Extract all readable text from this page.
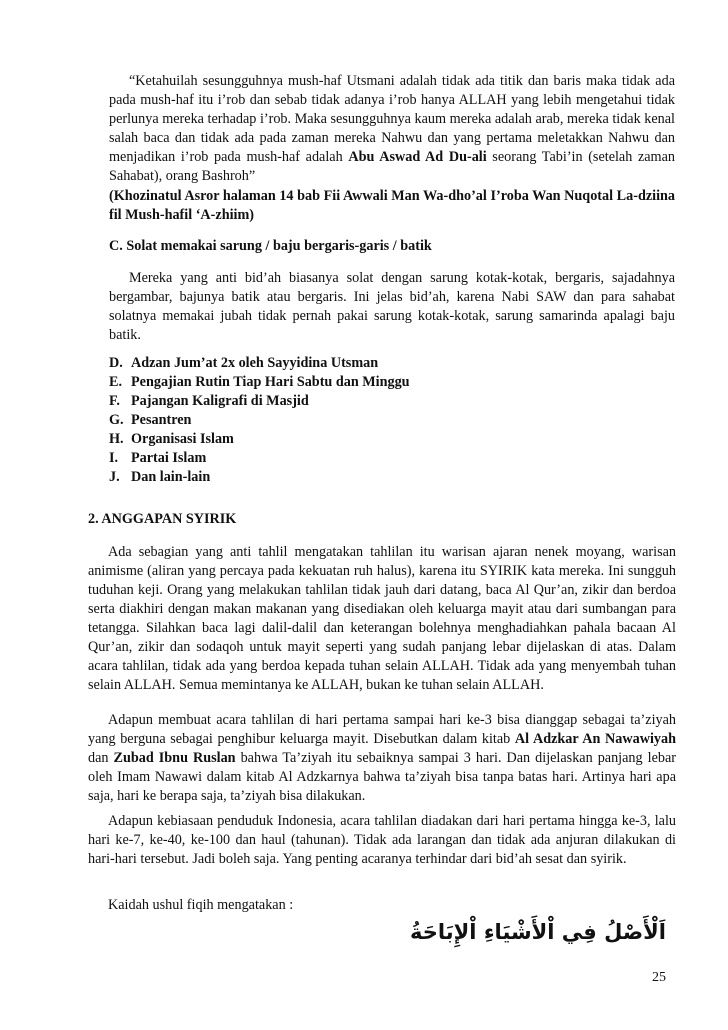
“Ketahuilah sesungguhnya mush-haf Utsmani adalah tidak ada titik dan baris maka tidak ada pada mush-haf itu i’rob dan sebab tidak adanya i’rob hanya ALLAH yang lebih mengetahui tidak perlunya mereka terhadap i’rob. Maka sesungguhnya kaum mereka adalah arab, mereka tidak kenal salah baca dan tidak ada pada zaman mereka Nahwu dan yang pertama meletakkan Nahwu dan menjadikan i’rob pada mush-haf adalah Abu Aswad Ad Du-ali seorang Tabi’in (setelah zaman Sahabat), orang Bashroh”

(Khozinatul Asror halaman 14 bab Fii Awwali Man Wa-dho’al I’roba Wan Nuqotal La-dziina fil Mush-hafil ‘A-zhiim)

C. Solat memakai sarung / baju bergaris-garis / batik

Mereka yang anti bid’ah biasanya solat dengan sarung kotak-kotak, bergaris, sajadahnya bergambar, bajunya batik atau bergaris. Ini jelas bid’ah, karena Nabi SAW dan para sahabat solatnya memakai jubah tidak pernah pakai sarung kotak-kotak, sarung samarinda apalagi baju batik.

D. Adzan Jum’at 2x oleh Sayyidina Utsman
E. Pengajian Rutin Tiap Hari Sabtu dan Minggu
F. Pajangan Kaligrafi di Masjid
G. Pesantren
H. Organisasi Islam
I. Partai Islam
J. Dan lain-lain

2. ANGGAPAN SYIRIK

Ada sebagian yang anti tahlil mengatakan tahlilan itu warisan ajaran nenek moyang, warisan animisme (aliran yang percaya pada kekuatan ruh halus), karena itu SYIRIK kata mereka. Ini sungguh tuduhan keji. Orang yang melakukan tahlilan tidak jauh dari datang, baca Al Qur’an, zikir dan berdoa serta diakhiri dengan makan makanan yang disediakan oleh keluarga mayit atau dari sumbangan para tetangga. Silahkan baca lagi dalil-dalil dan keterangan bolehnya menghadiahkan pahala bacaan Al Qur’an, zikir dan sodaqoh untuk mayit seperti yang sudah panjang lebar dijelaskan di atas. Dalam acara tahlilan, tidak ada yang berdoa kepada tuhan selain ALLAH. Tidak ada yang menyembah tuhan selain ALLAH. Semua memintanya ke ALLAH, bukan ke tuhan selain ALLAH.

Adapun membuat acara tahlilan di hari pertama sampai hari ke-3 bisa dianggap sebagai ta’ziyah yang berguna sebagai penghibur keluarga mayit. Disebutkan dalam kitab Al Adzkar An Nawawiyah dan Zubad Ibnu Ruslan bahwa Ta’ziyah itu sebaiknya sampai 3 hari. Dan dijelaskan panjang lebar oleh Imam Nawawi dalam kitab Al Adzkarnya bahwa ta’ziyah bisa tanpa batas hari. Artinya hari apa saja, hari ke berapa saja, ta’ziyah bisa dilakukan.

Adapun kebiasaan penduduk Indonesia, acara tahlilan diadakan dari hari pertama hingga ke-3, lalu hari ke-7, ke-40, ke-100 dan haul (tahunan). Tidak ada larangan dan tidak ada anjuran dilakukan di hari-hari tersebut. Jadi boleh saja. Yang penting acaranya terhindar dari bid’ah sesat dan syirik.

Kaidah ushul fiqih mengatakan :

اَلْأَصْلُ فِي اْلأَشْيَاءِ اْلإِبَاحَةُ
25
